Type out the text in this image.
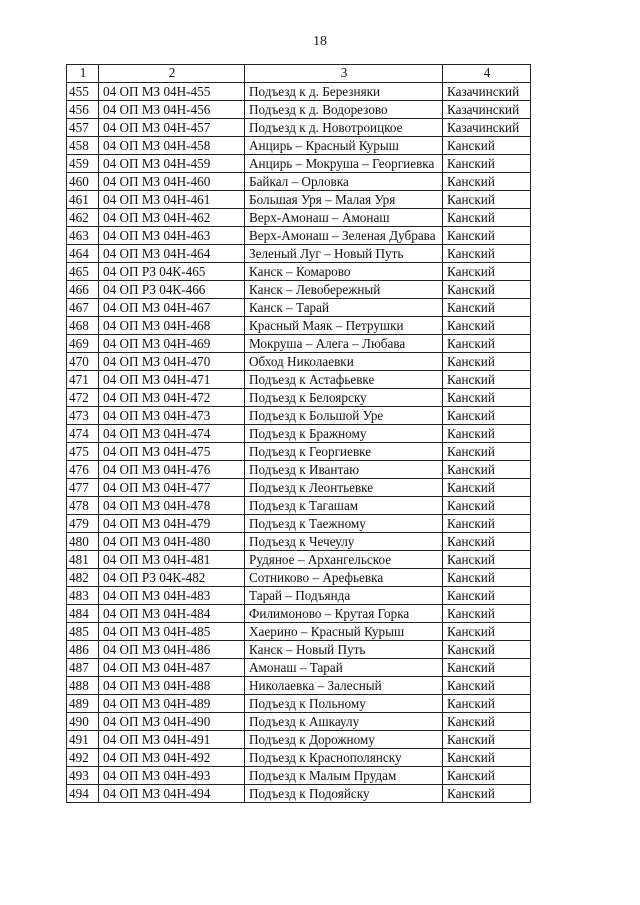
18
1	2	3	4
455	04 ОП МЗ 04Н-455	Подъезд к д. Березняки	Казачинский
456	04 ОП МЗ 04Н-456	Подъезд к д. Водорезово	Казачинский
457	04 ОП МЗ 04Н-457	Подъезд к д. Новотроицкое	Казачинский
458	04 ОП МЗ 04Н-458	Анцирь – Красный Курыш	Канский
459	04 ОП МЗ 04Н-459	Анцирь – Мокруша – Георгиевка	Канский
460	04 ОП МЗ 04Н-460	Байкал – Орловка	Канский
461	04 ОП МЗ 04Н-461	Большая Уря – Малая Уря	Канский
462	04 ОП МЗ 04Н-462	Верх-Амонаш – Амонаш	Канский
463	04 ОП МЗ 04Н-463	Верх-Амонаш – Зеленая Дубрава	Канский
464	04 ОП МЗ 04Н-464	Зеленый Луг – Новый Путь	Канский
465	04 ОП РЗ 04К-465	Канск – Комарово	Канский
466	04 ОП РЗ 04К-466	Канск – Левобережный	Канский
467	04 ОП МЗ 04Н-467	Канск – Тарай	Канский
468	04 ОП МЗ 04Н-468	Красный Маяк – Петрушки	Канский
469	04 ОП МЗ 04Н-469	Мокруша – Алега – Любава	Канский
470	04 ОП МЗ 04Н-470	Обход Николаевки	Канский
471	04 ОП МЗ 04Н-471	Подъезд к Астафьевке	Канский
472	04 ОП МЗ 04Н-472	Подъезд к Белоярску	Канский
473	04 ОП МЗ 04Н-473	Подъезд к Большой Уре	Канский
474	04 ОП МЗ 04Н-474	Подъезд к Бражному	Канский
475	04 ОП МЗ 04Н-475	Подъезд к Георгиевке	Канский
476	04 ОП МЗ 04Н-476	Подъезд к Ивантаю	Канский
477	04 ОП МЗ 04Н-477	Подъезд к Леонтьевке	Канский
478	04 ОП МЗ 04Н-478	Подъезд к Тагашам	Канский
479	04 ОП МЗ 04Н-479	Подъезд к Таежному	Канский
480	04 ОП МЗ 04Н-480	Подъезд к Чечеулу	Канский
481	04 ОП МЗ 04Н-481	Рудяное – Архангельское	Канский
482	04 ОП РЗ 04К-482	Сотниково – Арефьевка	Канский
483	04 ОП МЗ 04Н-483	Тарай – Подъянда	Канский
484	04 ОП МЗ 04Н-484	Филимоново – Крутая Горка	Канский
485	04 ОП МЗ 04Н-485	Хаерино – Красный Курыш	Канский
486	04 ОП МЗ 04Н-486	Канск – Новый Путь	Канский
487	04 ОП МЗ 04Н-487	Амонаш – Тарай	Канский
488	04 ОП МЗ 04Н-488	Николаевка – Залесный	Канский
489	04 ОП МЗ 04Н-489	Подъезд к Польному	Канский
490	04 ОП МЗ 04Н-490	Подъезд к Ашкаулу	Канский
491	04 ОП МЗ 04Н-491	Подъезд к Дорожному	Канский
492	04 ОП МЗ 04Н-492	Подъезд к Краснополянску	Канский
493	04 ОП МЗ 04Н-493	Подъезд к Малым Прудам	Канский
494	04 ОП МЗ 04Н-494	Подъезд к Подояйску	Канский
